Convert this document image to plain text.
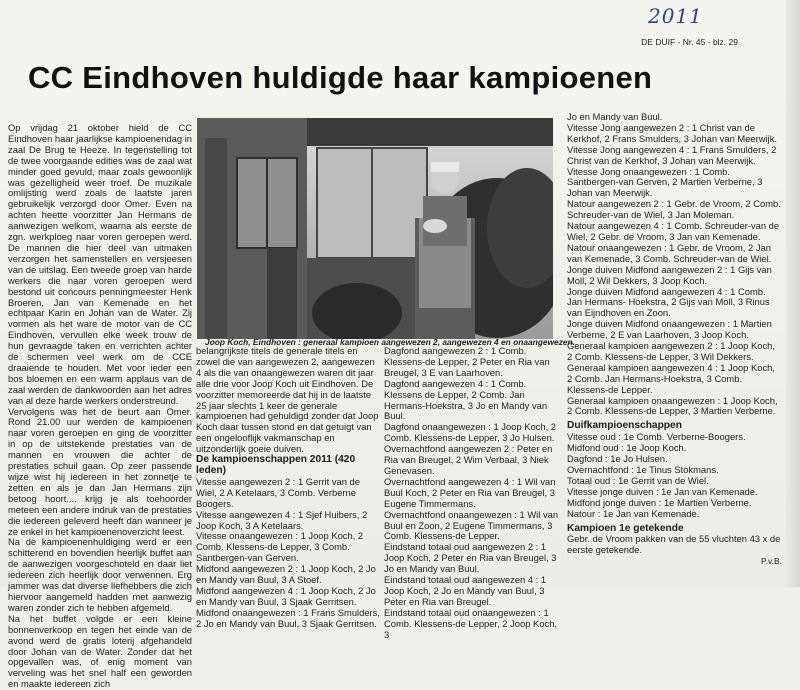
2011
DE DUIF - Nr. 45 - blz. 29
CC Eindhoven huldigde haar kampioenen

Op vrijdag 21 oktober hield de CC Eindhoven haar jaarlijkse kampioenendag in zaal De Brug te Heeze. In tegenstelling tot de twee voorgaande edities was de zaal wat minder goed gevuld, maar zoals gewoonlijk was gezelligheid weer troef. De muzikale omlijsting werd zoals de laatste jaren gebruikelijk verzorgd door Omer. Even na achten heette voorzitter Jan Hermans de aanwezigen welkom, waarna als eerste de zgn. werkploeg naar voren geroepen werd. De mannen die hier deel van uitmaken verzorgen het samenstellen en versjeesen van de uitslag. Een tweede groep van harde werkers die naar voren geroepen werd bestond uit concours penningmeester Henk Broeren, Jan van Kemenade en het echtpaar Karin en Johan van de Water. Zij vormen als het ware de motor van de CC Eindhoven, vervullen elke week trouw de hun gevraagde taken en verrichten achter de schermen veel werk om de CCE draaiende te houden. Met voor ieder een bos bloemen en een warm applaus van de zaal werden de dankwoorden aan het adres van al deze harde werkers onderstreund.

Vervolgens was het de beurt aan Omer. Rond 21.00 uur werden de kampioenen naar voren geroepen en ging de voorzitter in op de uitstekende prestaties van de mannen en vrouwen die achter de prestaties schuil gaan. Op zeer passende wijze wist hij iedereen in het zonnetje te zetten en als je dan Jan Hermans zijn betoog hoort.... krijg je als toehoorder meteen een andere indruk van de prestaties die iedereen geleverd heeft dan wanneer je ze enkel in het kampioenenoverzicht leest.

Na de kampioenenhuldiging werd er een schitterend en bovendien heerlijk buffet aan de aanwezigen voorgeschoteld en daar liet iedereen zich heerlijk door verwennen. Erg jammer was dat diverse liefhebbers die zich hiervoor aangemeld hadden met aanwezig waren zonder zich te hebben afgemeld.

Na het buffet volgde er een kleine bonnenverkoop en tegen het einde van de avond werd de gratis loterij afgehandeld door Johan van de Water. Zonder dat het opgevallen was, of enig moment van verveling was het snel half een geworden en maakte iedereen zich

Joop Koch, Eindhoven : generaal kampioen aangewezen 2, aangewezen 4 en onaangewezen.

belangrijkste titels de generale titels en zowel die van aangewezen 2, aangewezen 4 als die van onaangewezen waren dit jaar alle drie voor Joop Koch uit Eindhoven. De voorzitter memoreerde dat hij in de laatste 25 jaar slechts 1 keer de generale kampioenen had gehuldigd zonder dat Joop Koch daar tussen stond en dat getuigt van een ongelooflijk vakmanschap en uitzonderlijk goeie duiven.

De kampioenschappen 2011 (420 leden)

Vitesse aangewezen 2 : 1 Gerrit van de Wiel, 2 A Ketelaars, 3 Comb. Verberne Boogers.

Vitesse aangewezen 4 : 1 Sjef Huibers, 2 Joop Koch, 3 A Ketelaars.

Vitesse onaangewezen : 1 Joop Koch, 2 Comb. Klessens-de Lepper, 3 Comb. Santbergen-van Gerven.

Midfond aangewezen 2 : 1 Joop Koch, 2 Jo en Mandy van Buul, 3 A Stoef.

Midfond aangewezen 4 : 1 Joop Koch, 2 Jo en Mandy van Buul, 3 Sjaak Gerritsen.

Midfond onaangewezen : 1 Frans Smulders, 2 Jo en Mandy van Buul, 3 Sjaak Gerritsen.

Dagfond aangewezen 2 : 1 Comb. Klessens-de Lepper, 2 Peter en Ria van Breugel, 3 E van Laarhoven.

Dagfond aangewezen 4 : 1 Comb. Klessens de Lepper, 2 Comb. Jan Hermans-Hoekstra, 3 Jo en Mandy van Buul.

Dagfond onaangewezen : 1 Joop Koch, 2 Comb. Klessens-de Lepper, 3 Jo Hulsen.

Overnachtfond aangewezen 2 : Peter en Ria van Breugel, 2 Wim Verbaal, 3 Niek Genevasen.

Overnachtfond aangewezen 4 : 1 Wil van Buul Koch, 2 Peter en Ria van Breugel, 3 Eugene Timmermans.

Overnachtfond onaangewezen : 1 Wil van Buul en Zoon, 2 Eugene Timmermans, 3 Comb. Klessens-de Lepper.

Eindstand totaal oud aangewezen 2 : 1 Joop Koch, 2 Peter en Ria van Breugel, 3 Jo en Mandy van Buul.

Eindstand totaal oud aangewezen 4 : 1 Joop Koch, 2 Jo en Mandy van Buul, 3 Peter en Ria van Breugel.

Eindstand totaal oud onaangewezen : 1 Comb. Klessens-de Lepper, 2 Joop Koch, 3

Jo en Mandy van Buul.

Vitesse Jong aangewezen 2 : 1 Christ van de Kerkhof, 2 Frans Smulders, 3 Johan van Meerwijk.

Vitesse Jong aangewezen 4 : 1 Frans Smulders, 2 Christ van de Kerkhof, 3 Johan van Meerwijk.

Vitesse Jong onaangewezen : 1 Comb. Santbergen-van Gerven, 2 Martien Verberne, 3 Johan van Meerwijk.

Natour aangewezen 2 : 1 Gebr. de Vroom, 2 Comb. Schreuder-van de Wiel, 3 Jan Moleman.

Natour aangewezen 4 : 1 Comb. Schreuder-van de Wiel, 2 Gebr. de Vroom, 3 Jan van Kemenade.

Natour onaangewezen : 1 Gebr. de Vroom, 2 Jan van Kemenade, 3 Comb. Schreuder-van de Wiel.

Jonge duiven Midfond aangewezen 2 : 1 Gijs van Moll, 2 Wil Dekkers, 3 Joop Koch.

Jonge duiven Midfond aangewezen 4 : 1 Comb. Jan Hermans- Hoekstra, 2 Gijs van Moll, 3 Rinus van Eijndhoven en Zoon.

Jonge duiven Midfond onaangewezen : 1 Martien Verberne, 2 E van Laarhoven, 3 Joop Koch.

Generaal kampioen aangewezen 2 : 1 Joop Koch, 2 Comb. Klessens-de Lepper, 3 Wil Dekkers.

Generaal kampioen aangewezen 4 : 1 Joop Koch, 2 Comb. Jan Hermans-Hoekstra, 3 Comb. Klessens-de Lepper.

Generaal kampioen onaangewezen : 1 Joop Koch, 2 Comb. Klessens-de Lepper, 3 Martien Verberne.

Duifkampioenschappen

Vitesse oud : 1e Comb. Verberne-Boogers.

Midfond oud : 1e Joop Koch.

Dagfond : 1e Jo Hulsen.

Overnachtfond : 1e Tinus Stokmans.

Totaal oud : 1e Gerrit van de Wiel.

Vitesse jonge duiven : 1e Jan van Kemenade.

Midfond jonge duiven : 1e Martien Verberne.

Natour : 1e Jan van Kemenade.

Kampioen 1e getekende

Gebr. de Vroom pakken van de 55 vluchten 43 x de eerste getekende.

P.v.B.
